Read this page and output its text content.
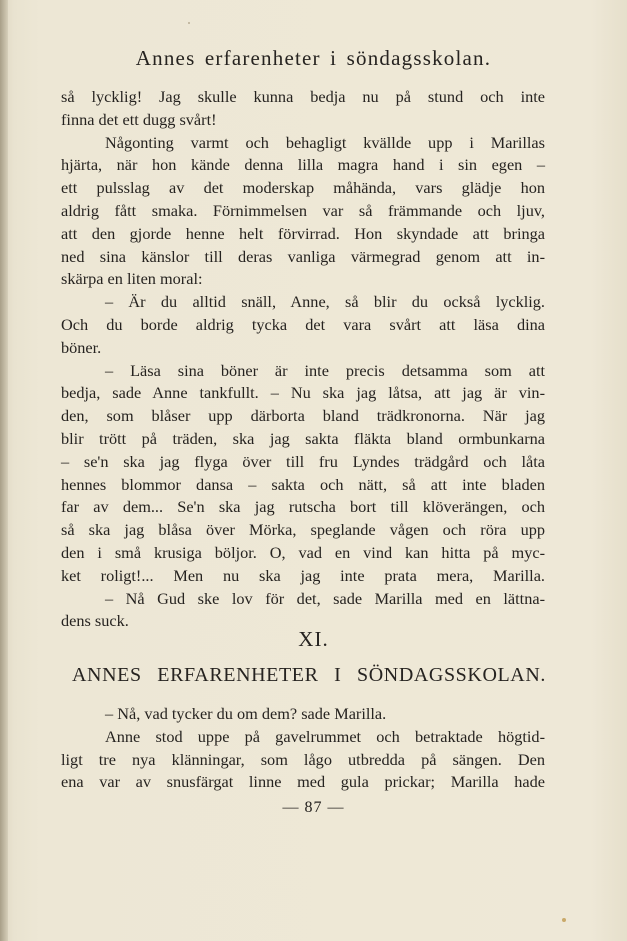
Annes erfarenheter i söndagsskolan.
så lycklig! Jag skulle kunna bedja nu på stund och inte
finna det ett dugg svårt!
Någonting varmt och behagligt kvällde upp i Marillas
hjärta, när hon kände denna lilla magra hand i sin egen –
ett pulsslag av det moderskap måhända, vars glädje hon
aldrig fått smaka. Förnimmelsen var så främmande och ljuv,
att den gjorde henne helt förvirrad. Hon skyndade att bringa
ned sina känslor till deras vanliga värmegrad genom att in-
skärpa en liten moral:
– Är du alltid snäll, Anne, så blir du också lycklig.
Och du borde aldrig tycka det vara svårt att läsa dina
böner.
– Läsa sina böner är inte precis detsamma som att
bedja, sade Anne tankfullt. – Nu ska jag låtsa, att jag är vin-
den, som blåser upp därborta bland trädkronorna. När jag
blir trött på träden, ska jag sakta fläkta bland ormbunkarna
– se'n ska jag flyga över till fru Lyndes trädgård och låta
hennes blommor dansa – sakta och nätt, så att inte bladen
far av dem... Se'n ska jag rutscha bort till klöverängen, och
så ska jag blåsa över Mörka, speglande vågen och röra upp
den i små krusiga böljor. O, vad en vind kan hitta på myc-
ket roligt!... Men nu ska jag inte prata mera, Marilla.
– Nå Gud ske lov för det, sade Marilla med en lättna-
dens suck.
XI.
ANNES ERFARENHETER I SÖNDAGSSKOLAN.
– Nå, vad tycker du om dem? sade Marilla.
Anne stod uppe på gavelrummet och betraktade högtid-
ligt tre nya klänningar, som lågo utbredda på sängen. Den
ena var av snusfärgat linne med gula prickar; Marilla hade
— 87 —
